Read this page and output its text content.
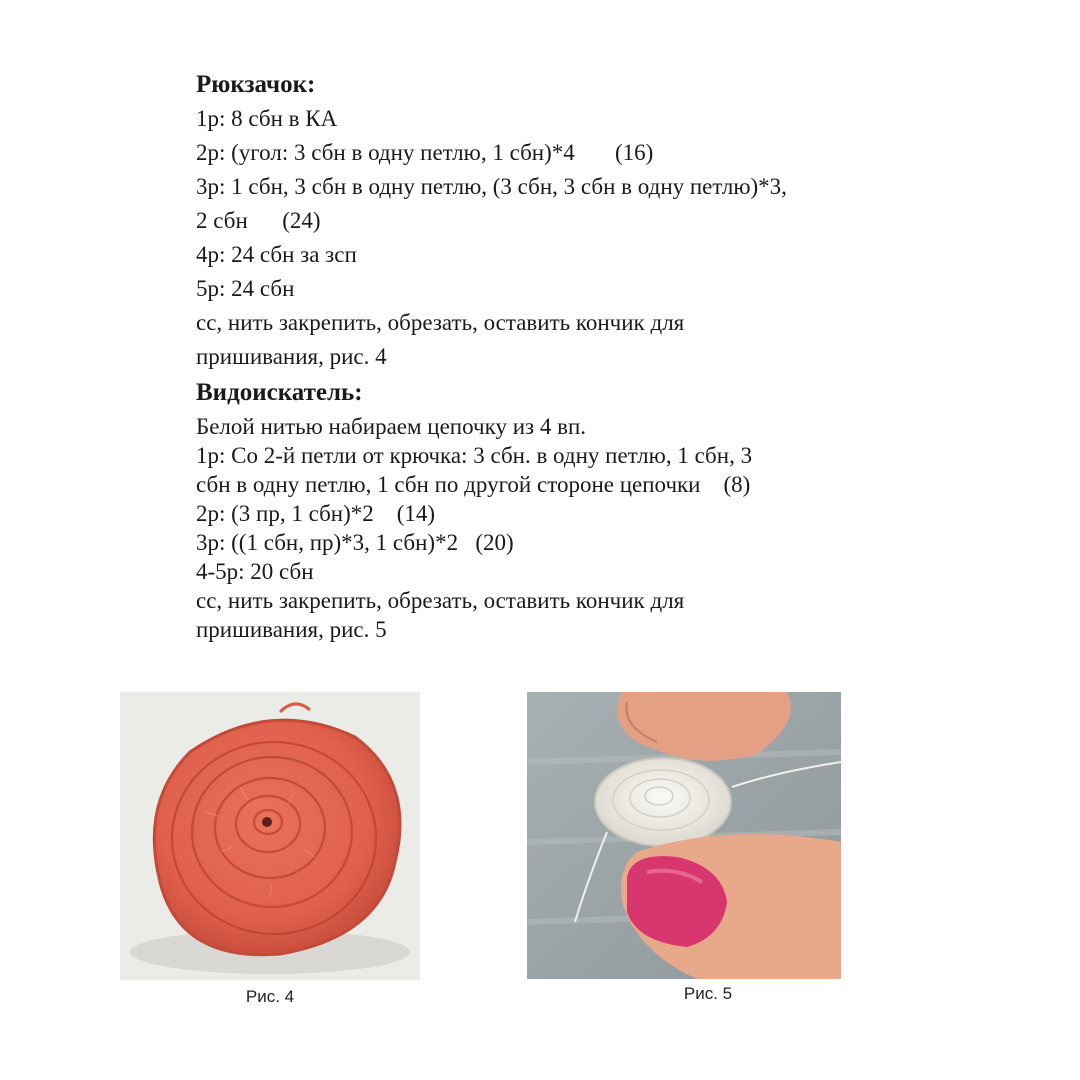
Рюкзачок:

1р: 8 сбн в КА

2р: (угол: 3 сбн в одну петлю, 1 сбн)*4       (16)

3р: 1 сбн, 3 сбн в одну петлю, (3 сбн, 3 сбн в одну петлю)*3,

2 сбн      (24)

4р: 24 сбн за зсп

5р: 24 сбн

сс, нить закрепить, обрезать, оставить кончик для

пришивания, рис. 4

Видоискатель:

Белой нитью набираем цепочку из 4 вп.

1р: Со 2-й петли от крючка: 3 сбн. в одну петлю, 1 сбн, 3

сбн в одну петлю, 1 сбн по другой стороне цепочки    (8)

2р: (3 пр, 1 сбн)*2    (14)

3р: ((1 сбн, пр)*3, 1 сбн)*2   (20)

4-5р: 20 сбн

сс, нить закрепить, обрезать, оставить кончик для

пришивания, рис. 5

Рис. 4	Рис. 5
